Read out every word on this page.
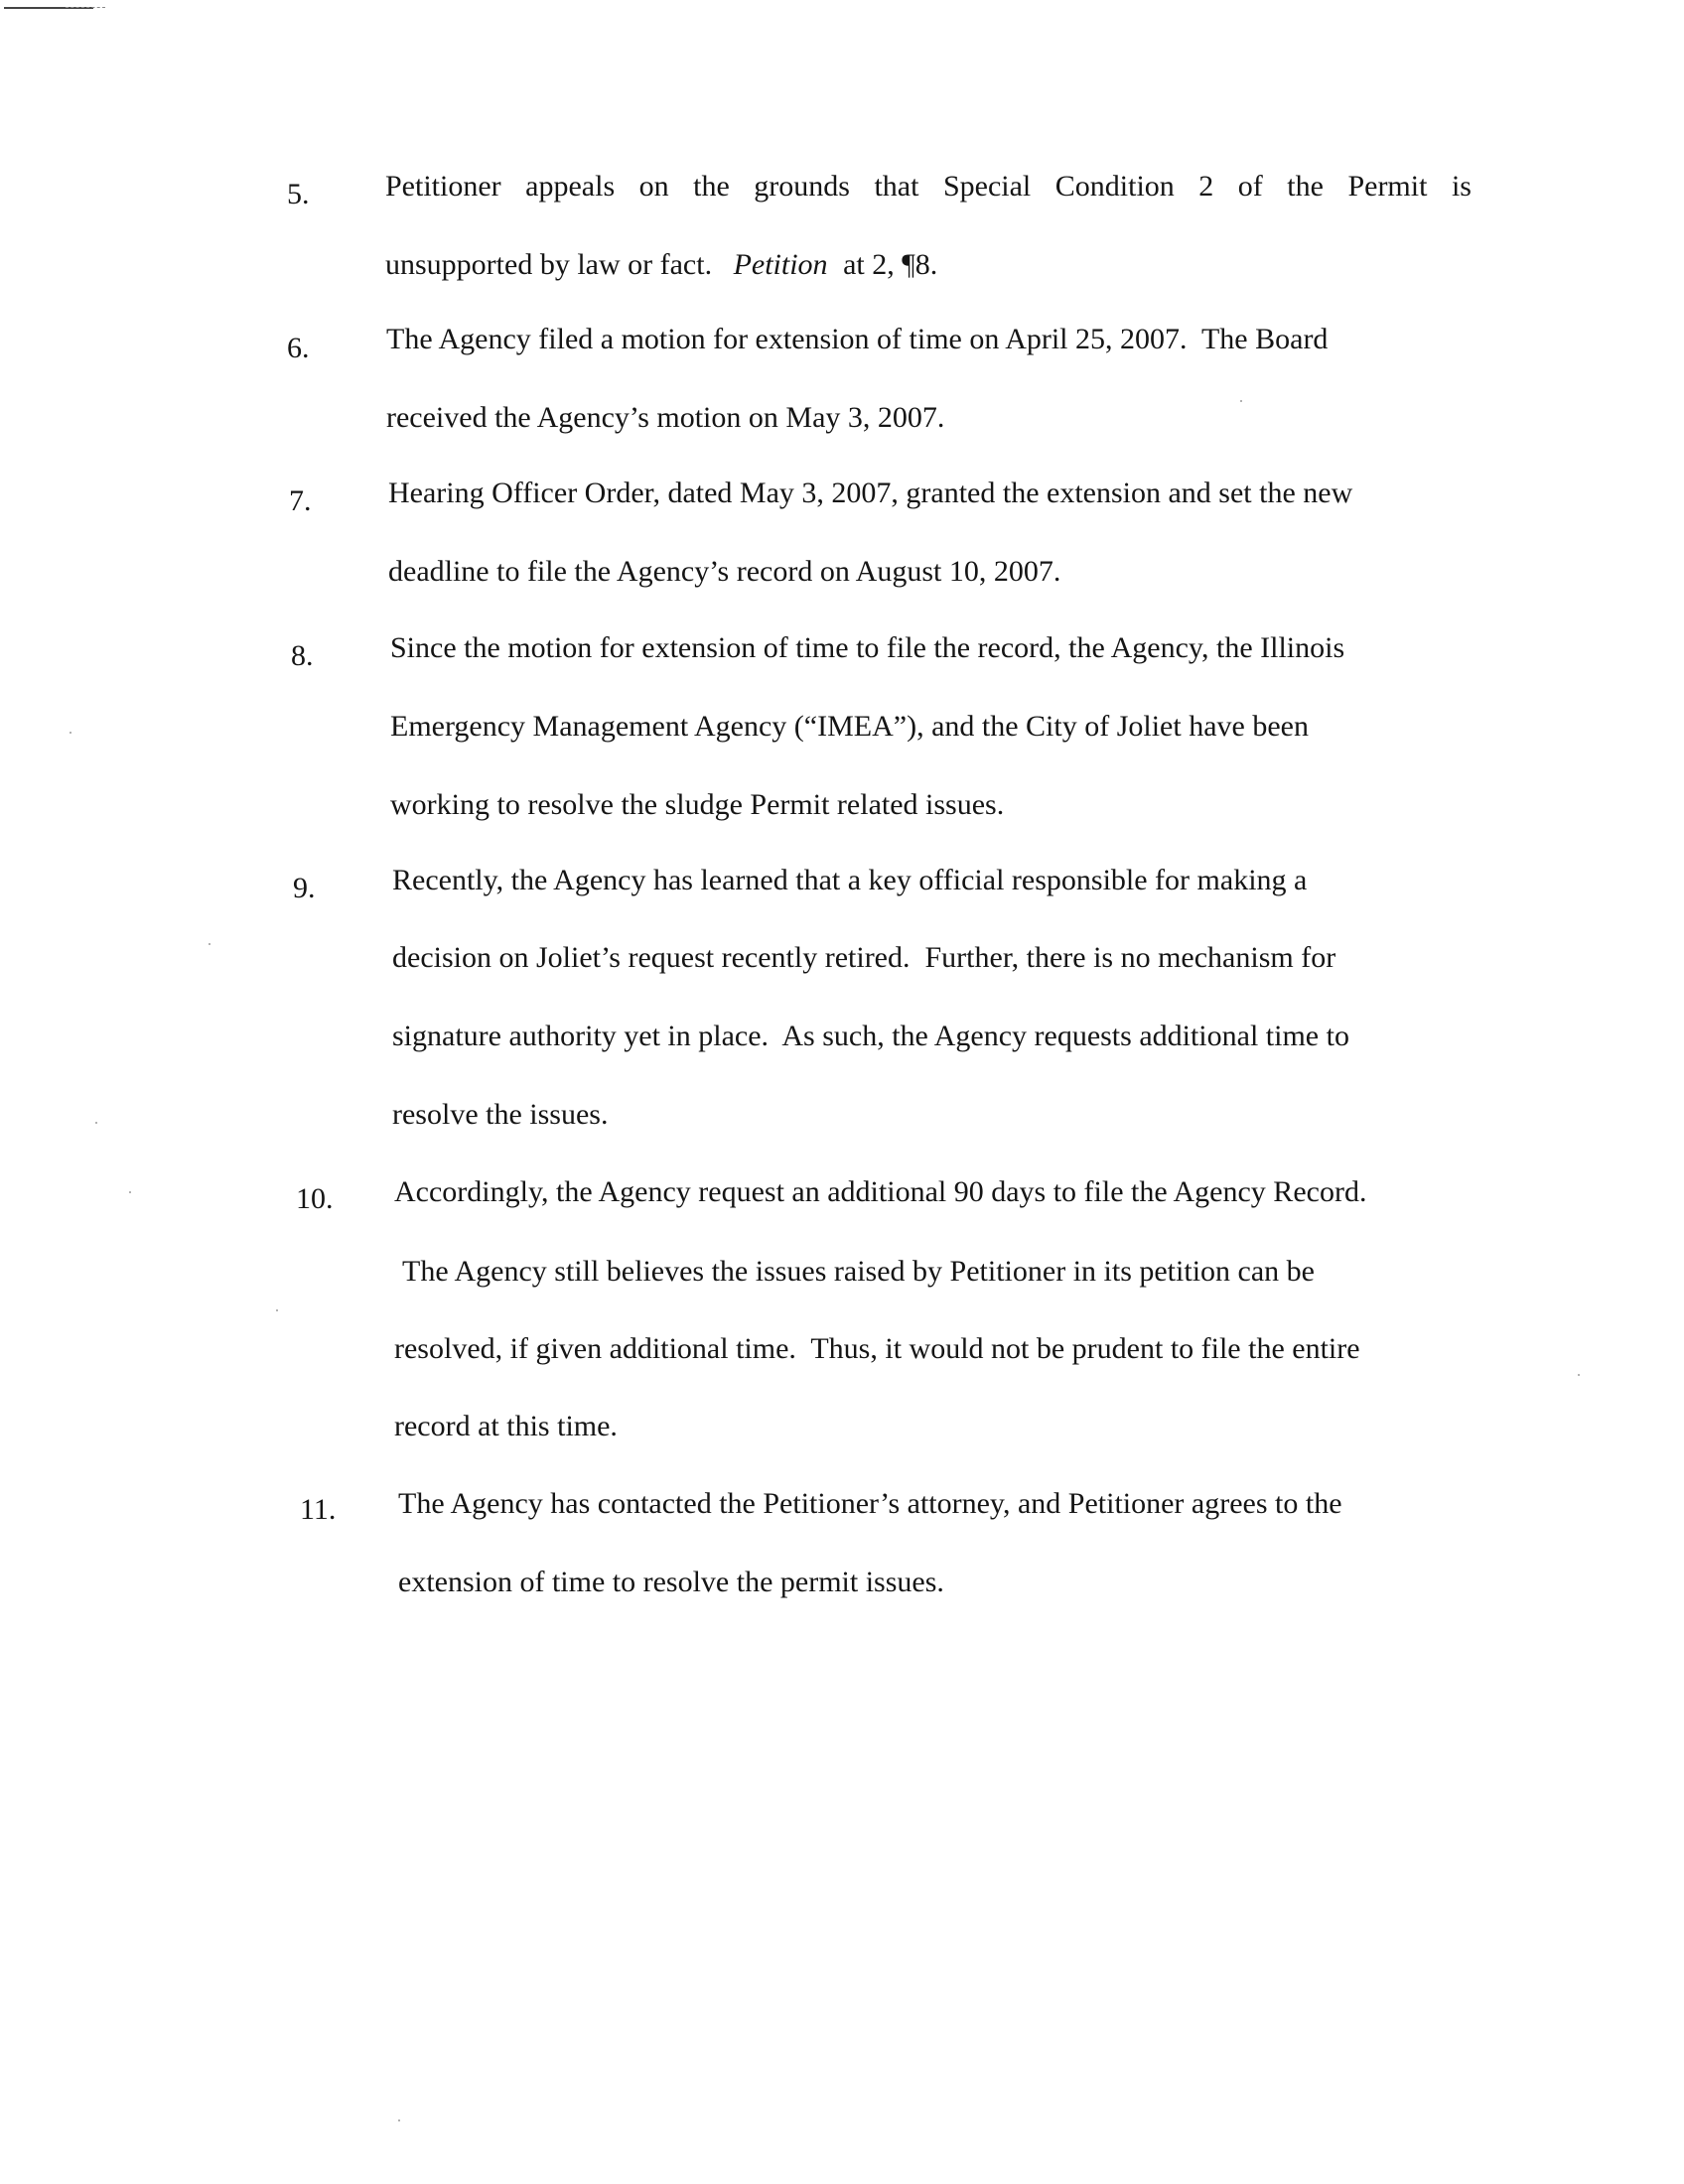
5.	Petitioner appeals on the grounds that Special Condition 2 of the Permit is
unsupported by law or fact. Petition at 2, ¶8.
6.	The Agency filed a motion for extension of time on April 25, 2007.  The Board
received the Agency’s motion on May 3, 2007.
7.	Hearing Officer Order, dated May 3, 2007, granted the extension and set the new
deadline to file the Agency’s record on August 10, 2007.
8.	Since the motion for extension of time to file the record, the Agency, the Illinois
Emergency Management Agency (“IMEA”), and the City of Joliet have been
working to resolve the sludge Permit related issues.
9.	Recently, the Agency has learned that a key official responsible for making a
decision on Joliet’s request recently retired.  Further, there is no mechanism for
signature authority yet in place.  As such, the Agency requests additional time to
resolve the issues.
10. Accordingly, the Agency request an additional 90 days to file the Agency Record.
The Agency still believes the issues raised by Petitioner in its petition can be
resolved, if given additional time.  Thus, it would not be prudent to file the entire
record at this time.
11. The Agency has contacted the Petitioner’s attorney, and Petitioner agrees to the
extension of time to resolve the permit issues.
